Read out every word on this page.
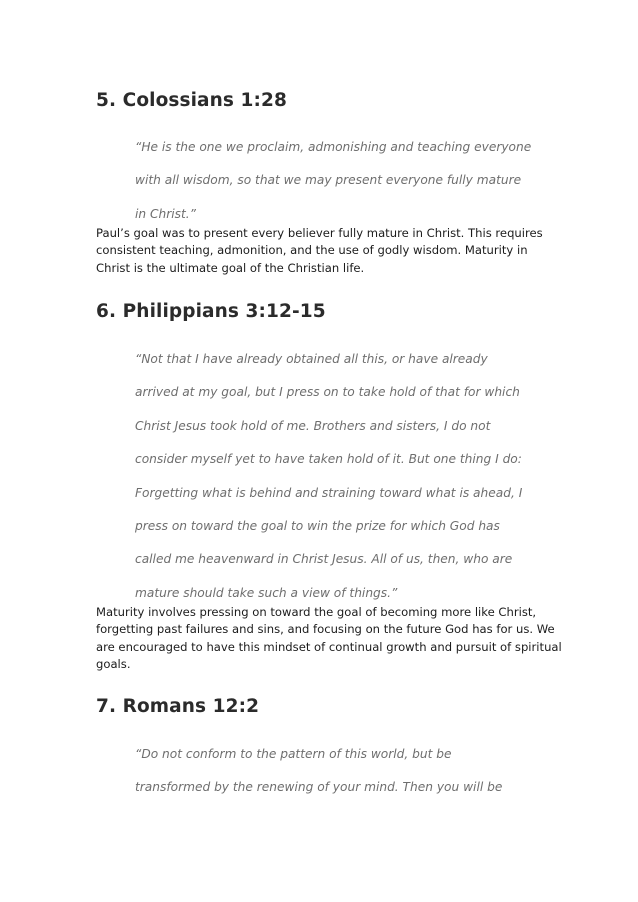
5. Colossians 1:28
“He is the one we proclaim, admonishing and teaching everyone
with all wisdom, so that we may present everyone fully mature
in Christ.”

Paul’s goal was to present every believer fully mature in Christ. This requires
consistent teaching, admonition, and the use of godly wisdom. Maturity in
Christ is the ultimate goal of the Christian life.

6. Philippians 3:12-15
“Not that I have already obtained all this, or have already
arrived at my goal, but I press on to take hold of that for which
Christ Jesus took hold of me. Brothers and sisters, I do not
consider myself yet to have taken hold of it. But one thing I do:
Forgetting what is behind and straining toward what is ahead, I
press on toward the goal to win the prize for which God has
called me heavenward in Christ Jesus. All of us, then, who are
mature should take such a view of things.”

Maturity involves pressing on toward the goal of becoming more like Christ,
forgetting past failures and sins, and focusing on the future God has for us. We
are encouraged to have this mindset of continual growth and pursuit of spiritual
goals.

7. Romans 12:2
“Do not conform to the pattern of this world, but be
transformed by the renewing of your mind. Then you will be
